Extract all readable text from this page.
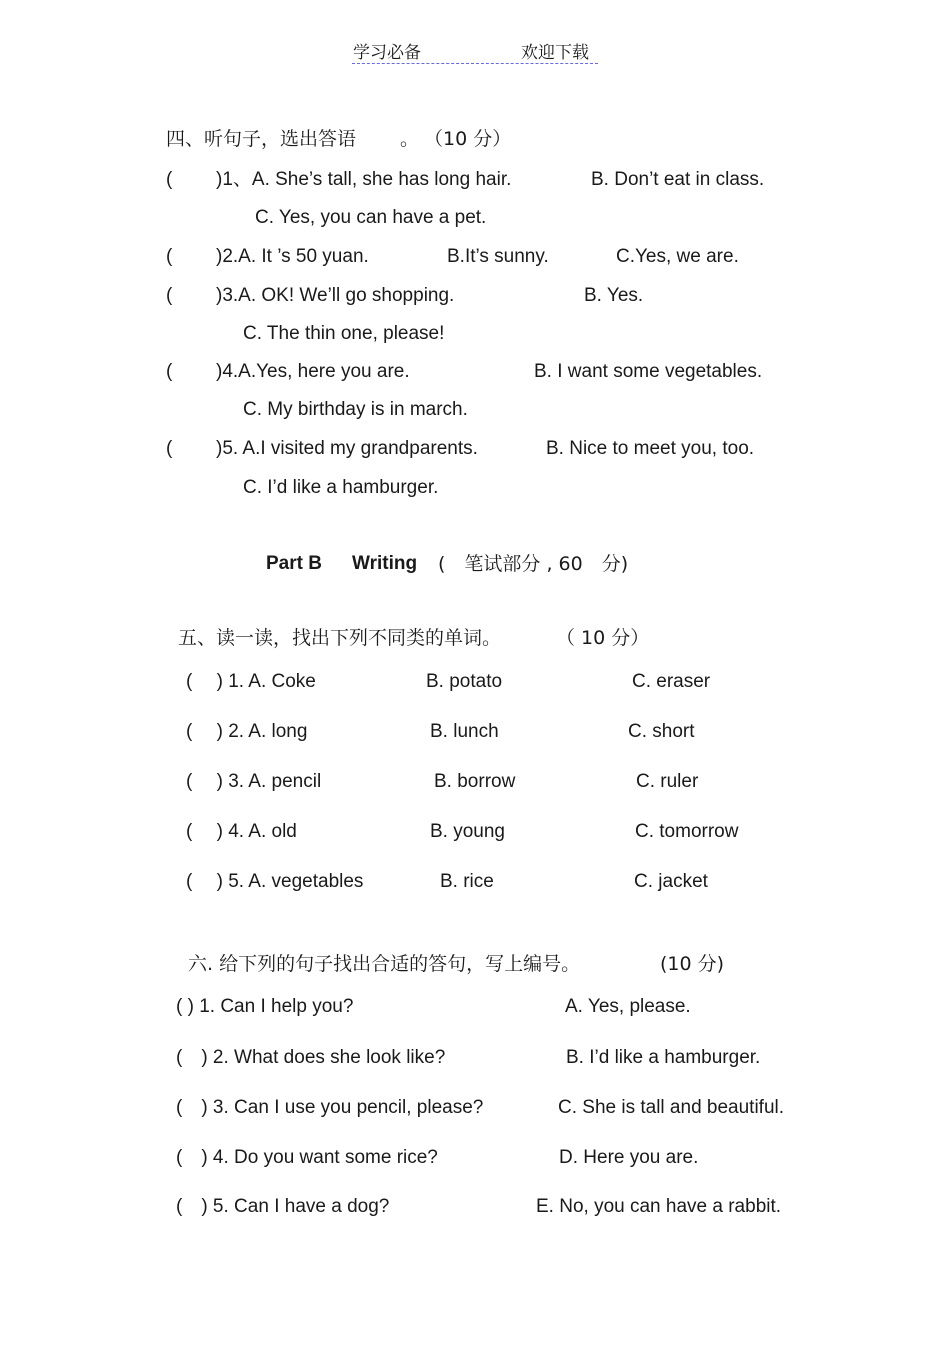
学习必备	欢迎下载
四、听句子，选出答语 。 （10 分）
( )1、A. She’s tall, she has long hair.	B. Don’t eat in class.
C. Yes, you can have a pet.
( )2.A. It ’s 50 yuan.	B.It’s sunny.	C.Yes, we are.
( )3.A. OK! We’ll go shopping.	B. Yes.
C. The thin one, please!
( )4.A.Yes, here you are.	B. I want some vegetables.
C. My birthday is in march.
( )5. A.I visited my grandparents.	B. Nice to meet you, too.
C. I’d like a hamburger.
Part B Writing (　笔试部分 , 60　分)
五、读一读，找出下列不同类的单词。	（ 10 分）
(　 ) 1. A. Coke	B. potato	C. eraser
(　 ) 2. A. long	B. lunch	C. short
(　 ) 3. A. pencil	B. borrow	C. ruler
(　 ) 4. A. old	B. young	C. tomorrow
(　 ) 5. A. vegetables	B. rice	C. jacket
六. 给下列的句子找出合适的答句，写上编号。	(10 分)
( ) 1. Can I help you?	A. Yes, please.
(　) 2. What does she look like?	B. I’d like a hamburger.
(　) 3. Can I use you pencil, please?	C. She is tall and beautiful.
(　) 4. Do you want some rice?	D. Here you are.
(　) 5. Can I have a dog?	E. No, you can have a rabbit.
